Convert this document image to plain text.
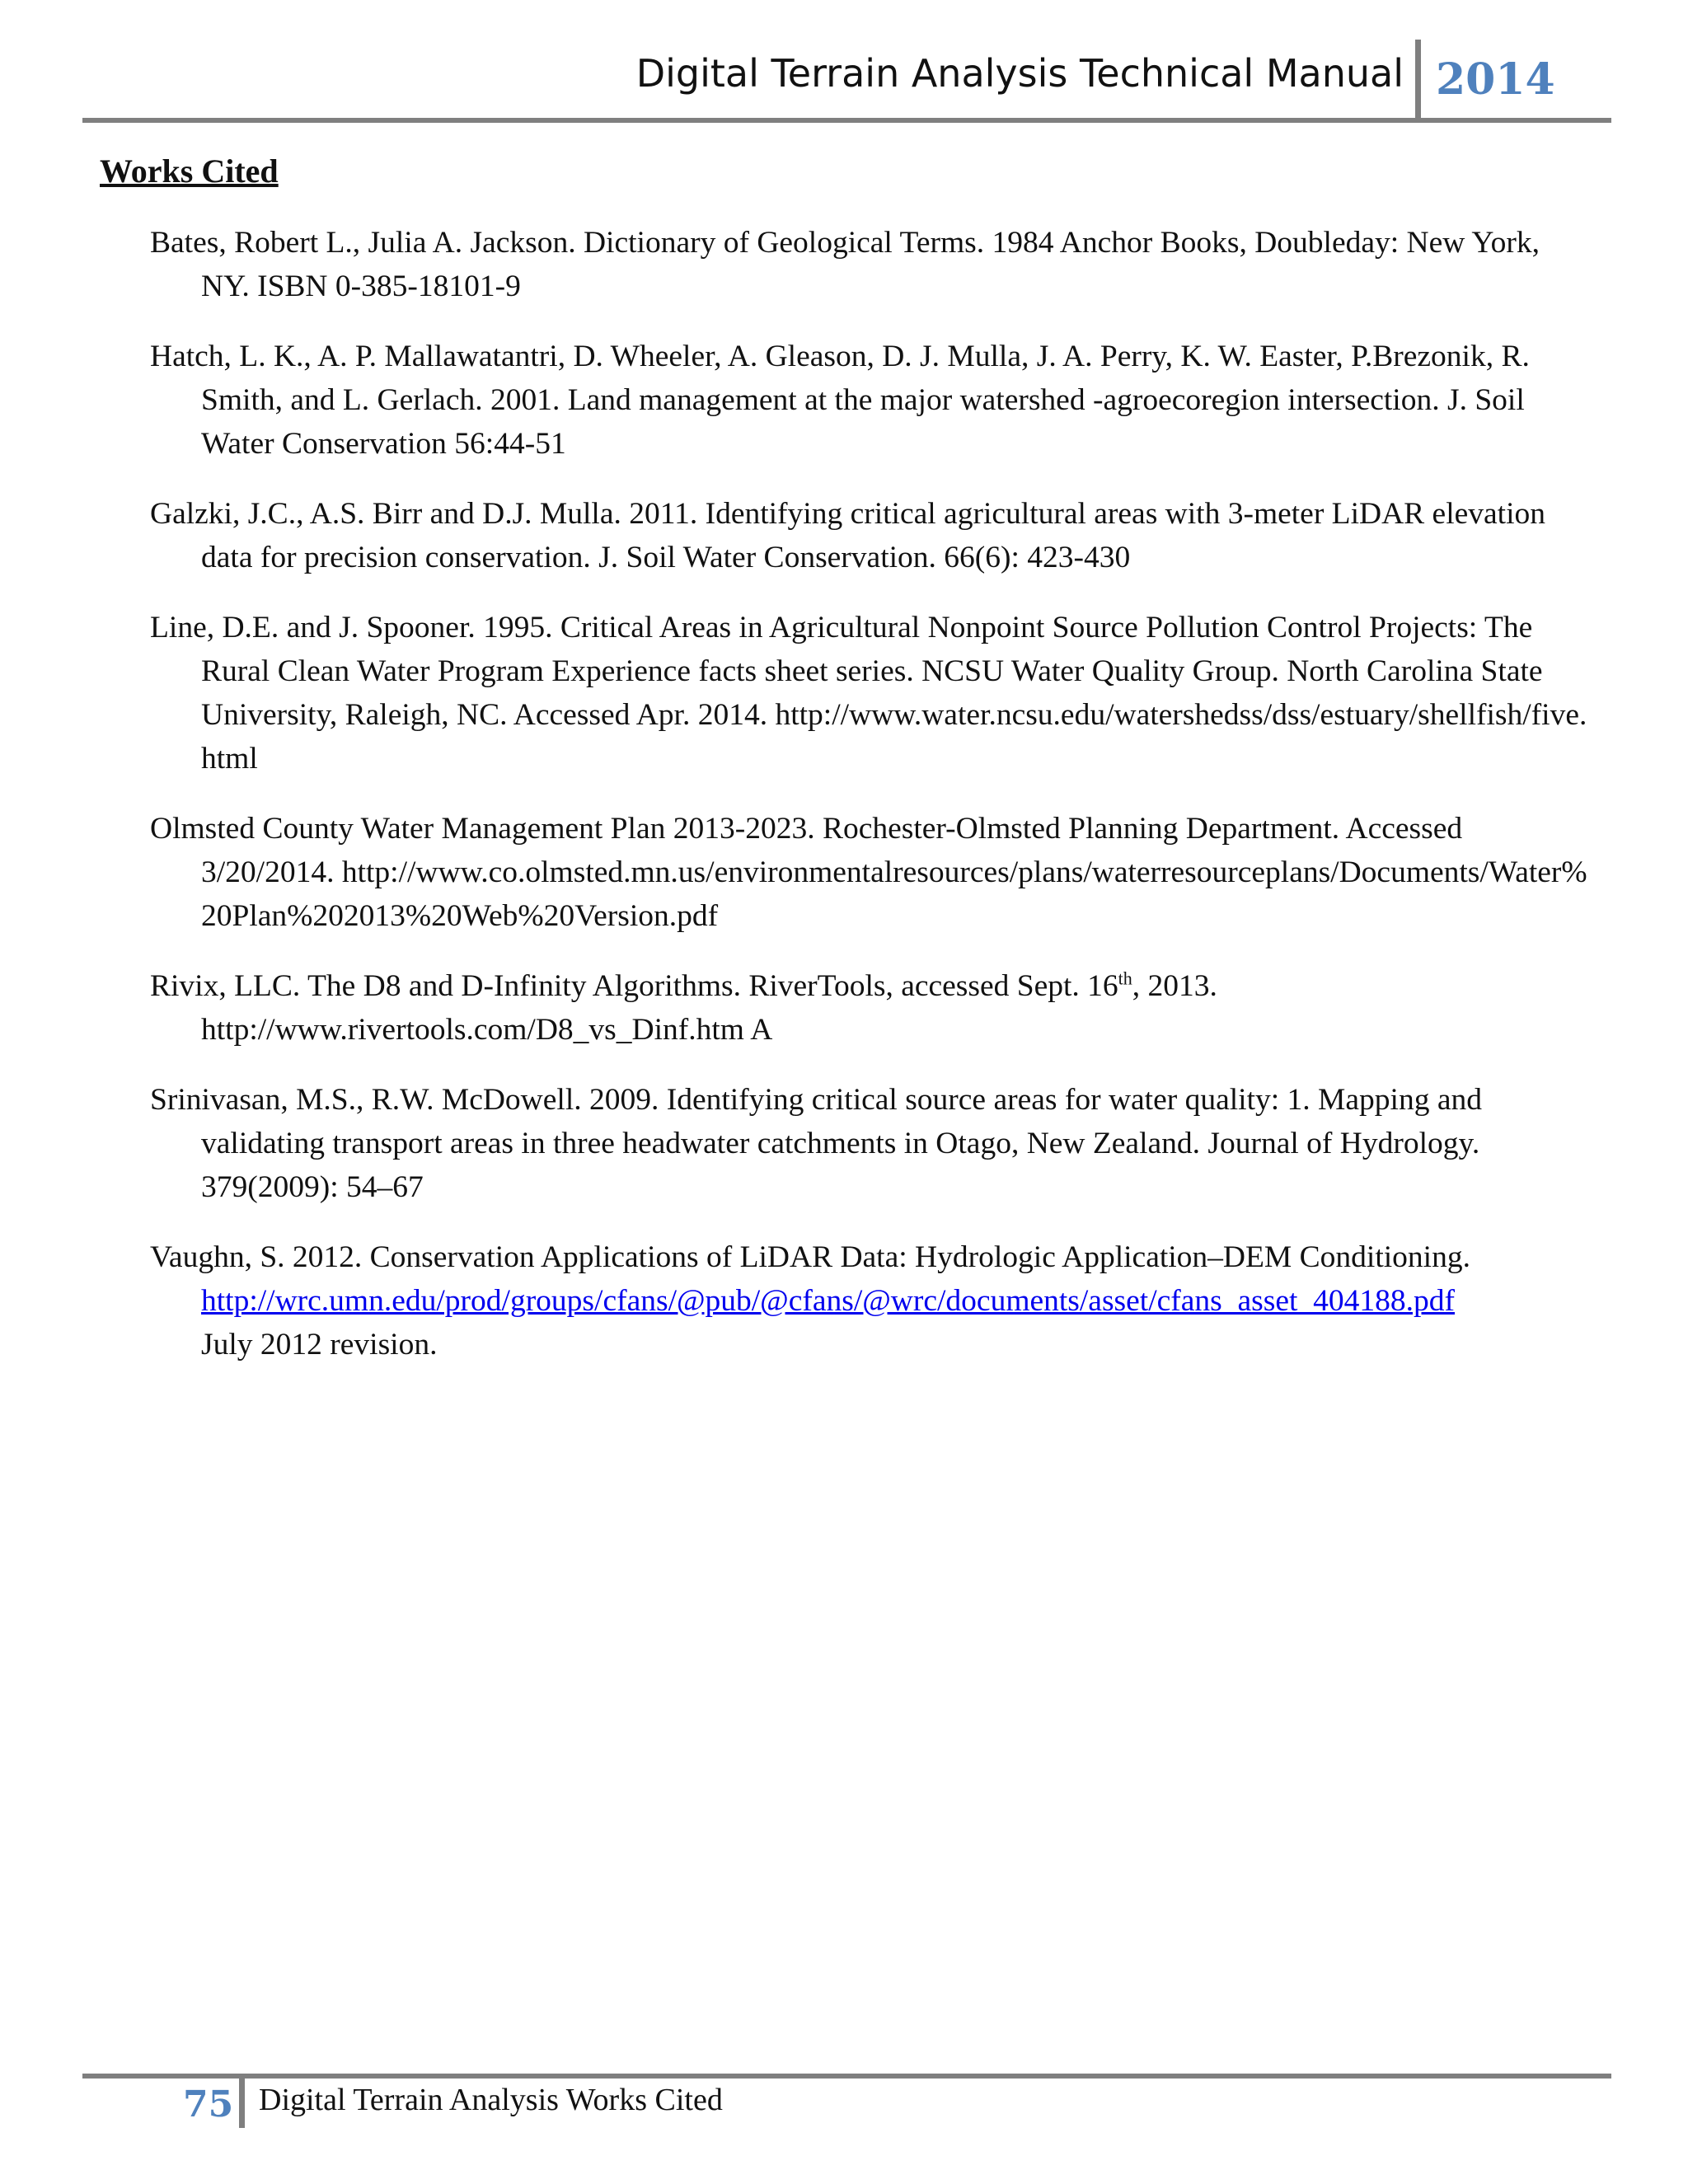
Digital Terrain Analysis Technical Manual 2014
Works Cited
Bates, Robert L., Julia A. Jackson. Dictionary of Geological Terms. 1984 Anchor Books, Doubleday: New York, NY. ISBN 0-385-18101-9
Hatch, L. K., A. P. Mallawatantri, D. Wheeler, A. Gleason, D. J. Mulla, J. A. Perry, K. W. Easter, P.Brezonik, R. Smith, and L. Gerlach. 2001. Land management at the major watershed -agroecoregion intersection. J. Soil Water Conservation 56:44-51
Galzki, J.C., A.S. Birr and D.J. Mulla. 2011. Identifying critical agricultural areas with 3-meter LiDAR elevation data for precision conservation. J. Soil Water Conservation. 66(6): 423-430
Line, D.E. and J. Spooner. 1995. Critical Areas in Agricultural Nonpoint Source Pollution Control Projects: The Rural Clean Water Program Experience facts sheet series. NCSU Water Quality Group. North Carolina State University, Raleigh, NC. Accessed Apr. 2014. http://www.water.ncsu.edu/watershedss/dss/estuary/shellfish/five.html
Olmsted County Water Management Plan 2013-2023. Rochester-Olmsted Planning Department. Accessed 3/20/2014. http://www.co.olmsted.mn.us/environmentalresources/plans/waterresourceplans/Documents/Water%20Plan%202013%20Web%20Version.pdf
Rivix, LLC. The D8 and D-Infinity Algorithms. RiverTools, accessed Sept. 16th, 2013.
http://www.rivertools.com/D8_vs_Dinf.htm A
Srinivasan, M.S., R.W. McDowell. 2009. Identifying critical source areas for water quality: 1. Mapping and validating transport areas in three headwater catchments in Otago, New Zealand. Journal of Hydrology. 379(2009): 54–67
Vaughn, S. 2012. Conservation Applications of LiDAR Data: Hydrologic Application–DEM Conditioning.
http://wrc.umn.edu/prod/groups/cfans/@pub/@cfans/@wrc/documents/asset/cfans_asset_404188.pdf
July 2012 revision.
75 Digital Terrain Analysis Works Cited
